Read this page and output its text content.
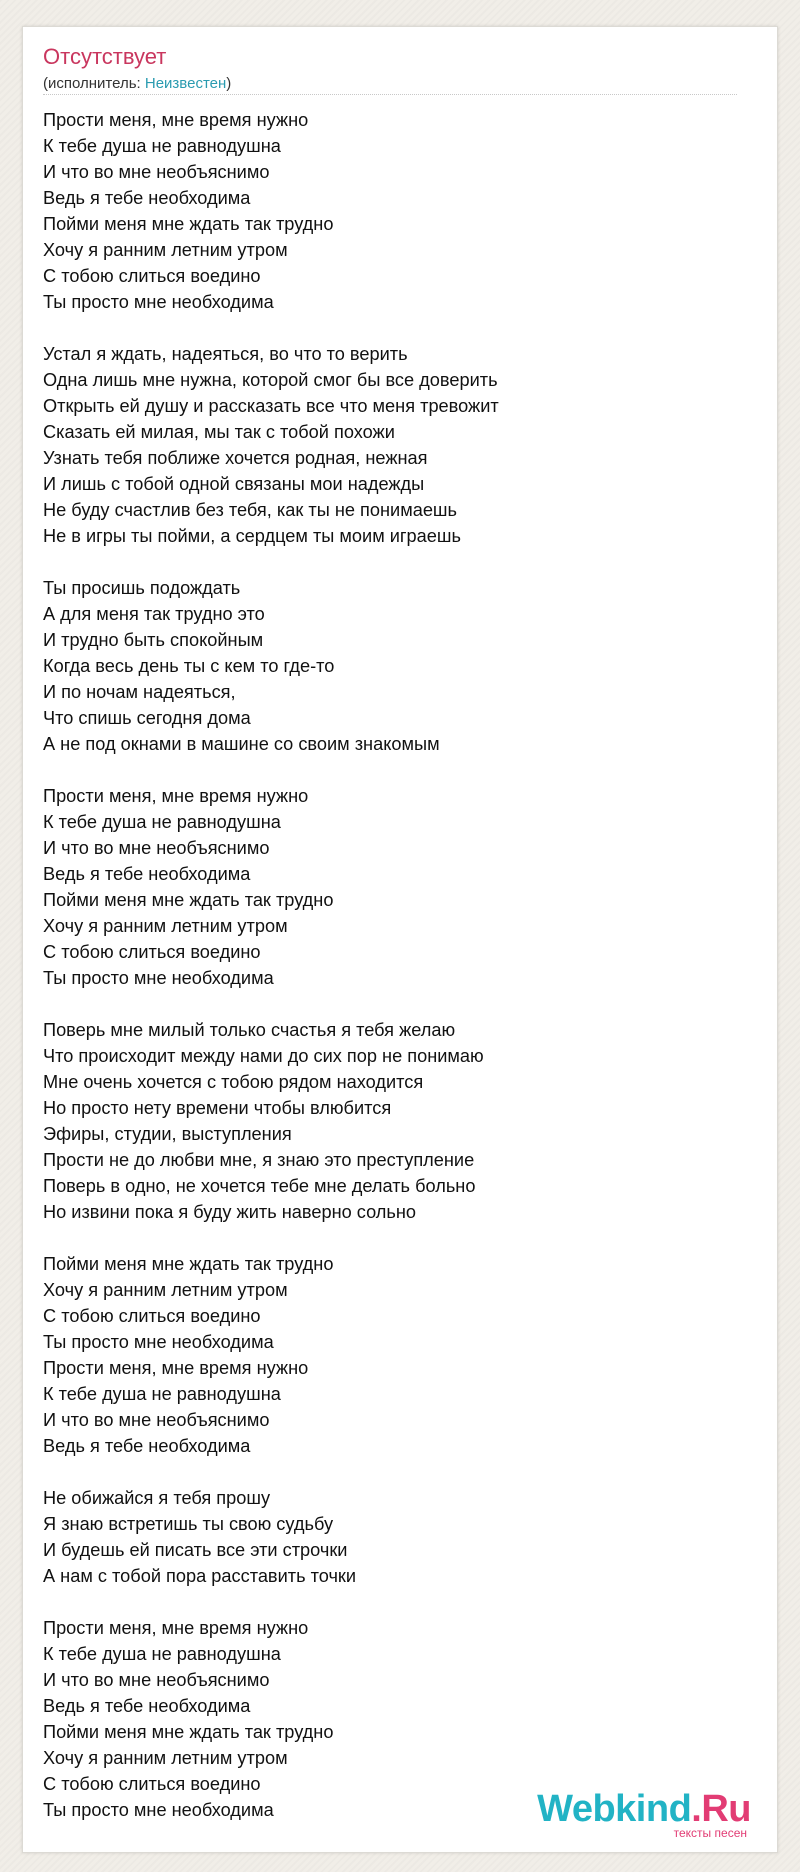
Отсутствует
(исполнитель: Неизвестен)
Прости меня, мне время нужно
К тебе душа не равнодушна
И что во мне необъяснимо
Ведь я тебе необходима
Пойми меня мне ждать так трудно
Хочу я ранним летним утром
С тобою слиться воедино
Ты просто мне необходима
Устал я ждать, надеяться, во что то верить
Одна лишь мне нужна, которой смог бы все доверить
Открыть ей душу и рассказать все что меня тревожит
Сказать ей милая, мы так с тобой похожи
Узнать тебя поближе хочется родная, нежная
И лишь с тобой одной связаны мои надежды
Не буду счастлив без тебя, как ты не понимаешь
Не в игры ты пойми, а сердцем ты моим играешь
Ты просишь подождать
А для меня так трудно это
И трудно быть спокойным
Когда весь день ты с кем то где-то
И по ночам надеяться,
Что спишь сегодня дома
А не под окнами в машине со своим знакомым
Прости меня, мне время нужно
К тебе душа не равнодушна
И что во мне необъяснимо
Ведь я тебе необходима
Пойми меня мне ждать так трудно
Хочу я ранним летним утром
С тобою слиться воедино
Ты просто мне необходима
Поверь мне милый только счастья я тебя желаю
Что происходит между нами до сих пор не понимаю
Мне очень хочется с тобою рядом находится
Но просто нету времени чтобы влюбится
Эфиры, студии, выступления
Прости не до любви мне, я знаю это преступление
Поверь в одно, не хочется тебе мне делать больно
Но извини пока я буду жить наверно сольно
Пойми меня мне ждать так трудно
Хочу я ранним летним утром
С тобою слиться воедино
Ты просто мне необходима
Прости меня, мне время нужно
К тебе душа не равнодушна
И что во мне необъяснимо
Ведь я тебе необходима
Не обижайся я тебя прошу
Я знаю встретишь ты свою судьбу
И будешь ей писать все эти строчки
А нам с тобой пора расставить точки
Прости меня, мне время нужно
К тебе душа не равнодушна
И что во мне необъяснимо
Ведь я тебе необходима
Пойми меня мне ждать так трудно
Хочу я ранним летним утром
С тобою слиться воедино
Ты просто мне необходима	Webkind.Ru
тексты песен
